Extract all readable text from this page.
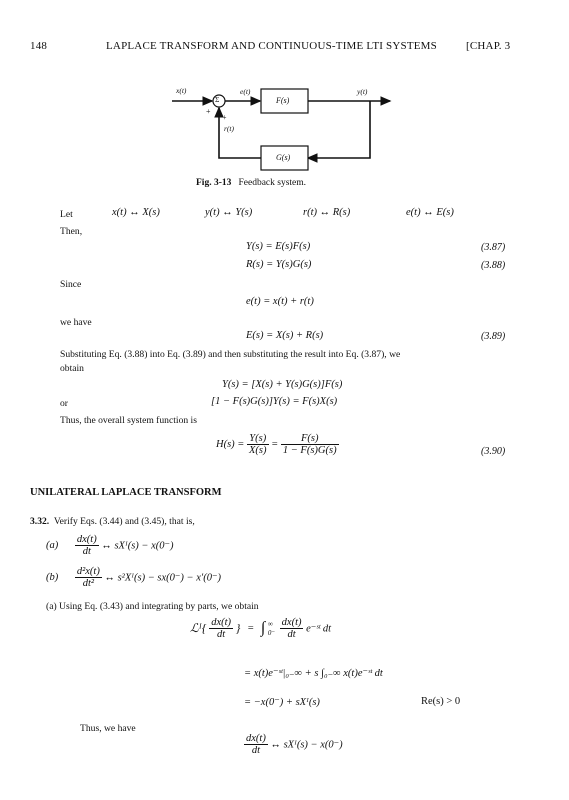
148	LAPLACE TRANSFORM AND CONTINUOUS-TIME LTI SYSTEMS	[CHAP. 3
x(t)	e(t)	y(t)
Σ
+
+
r(t)
F(s)
G(s)
Fig. 3-13 Feedback system.
Let	x(t) ↔ X(s)	y(t) ↔ Y(s)	r(t) ↔ R(s)	e(t) ↔ E(s)
Then,
Y(s) = E(s)F(s)	(3.87)
R(s) = Y(s)G(s)	(3.88)
Since
e(t) = x(t) + r(t)
we have
E(s) = X(s) + R(s)	(3.89)
Substituting Eq. (3.88) into Eq. (3.89) and then substituting the result into Eq. (3.87), we
obtain
Y(s) = [X(s) + Y(s)G(s)]F(s)
or	[1 − F(s)G(s)]Y(s) = F(s)X(s)
Thus, the overall system function is
$H(s) = \frac{Y(s)}{X(s)} = \frac{F(s)}{1 - F(s)G(s)}$	(3.90)
UNILATERAL LAPLACE TRANSFORM
3.32. Verify Eqs. (3.44) and (3.45), that is,
$(a) \frac{dx(t)}{dt}$ ↔ sXᴵ(s) − x(0⁻)
$(b) \frac{\text{d²x(t)}}{\text{dt²}}$ ↔ s²Xᴵ(s) − sx(0⁻) − x′(0⁻)
(a) Using Eq. (3.43) and integrating by parts, we obtain
ℒᴵ{ $\frac{dx(t)}{dt}$ } = ∫ ∞
0⁻
$\frac{dx(t)}{dt}$ e⁻ˢᵗ dt
= x(t)e⁻ˢᵗ|₀₋∞ + s ∫₀₋∞ x(t)e⁻ˢᵗ dt
= −x(0⁻) + sXᴵ(s)	Re(s) > 0
Thus, we have
$\frac{dx(t)}{dt}$ ↔ sXᴵ(s) − x(0⁻)
